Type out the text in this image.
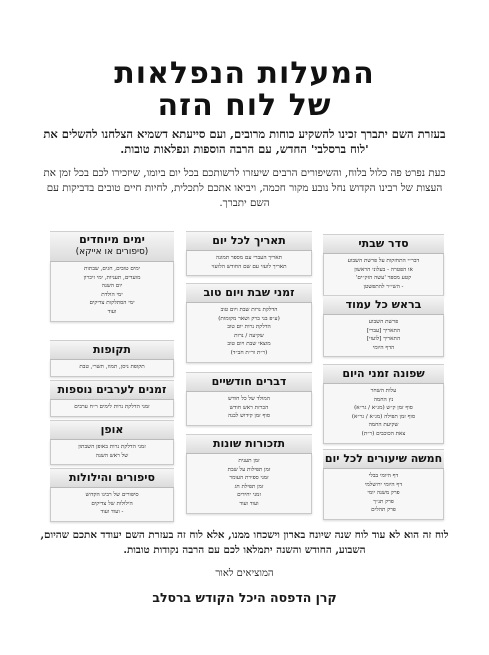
המעלות הנפלאות
של לוח הזה
בעזרת השם יתברך זכינו להשקיע כוחות מרובים, ועם סייעתא דשמיא הצלחנו להשלים את 'לוח ברסלבי' החדש, עם הרבה הוספות ונפלאות טובות.
כעת נפרט פה כלול בלוח, והשיפורים הרבים שיעזרו לרשותכם בכל יום ביומו, שיזכירו לכם בכל זמן את העצות של רבינו הקדוש נחל נובע מקור חכמה, ויביאו אתכם לתכלית, לחיות חיים טובים בדביקות עם השם יתברך.
סדר שבתי
דבר״י התחזקות על פרשת השבוע
או הפטרה - בעלוני הראשון
קטע מספר 'עשה הזק״ים'
- השי״ר להתפשטן
בראש כל עמוד
פרשת השבוע
התאריך [עברי]
התאריך [לועזי]
הדף היומי
שפונה זמני היום
עלות השחר
נץ החמה
סוף זמן ק״ש (מג״א / גר״א)
סוף זמן תפילה (מג״א / גר״א)
שקיעת החמה
צאת הכוכבים (ר״ת)
חמשה שיעורים לכל יום
דף היומי בבלי
דף היומי ירושלמי
פרק משנה יומי
פרק תנ״ך
פרק תהלים
תאריך לכל יום
תאריך העברי עם מספר תמונה
תאריך לועזי עם שם החודש הלועזי
זמני שבת ויום טוב
הדלקת נרות שבת ויום טוב
(ע״פ בני ברק ושאר מקומות)
הדלקת נרות יום טוב
שקיעה / נרות
מוצאי שבת ויום טוב
(ר״ת ור״ת חב״ד)
דברים חודשיים
המולד של כל חודש
הכרזת ראש חודש
סוף זמן קידוש לבנה
תזכורות שונות
זמן תענית
זמן תפילות על שבת
זמני ספירת העומר
זמן תפילת חג
זמני יחידים
ועוד ועוד
ימים מיוחדים
(סיפורים או אייקא)
ימים טובים, חגים, שבתות
מועדים, תעניות, ימי זיכרון
יום השנה
ימי הולדת
ימי הסתלקות צדיקים
ועוד
תקופות
תקופת ניסן, תמוז, תשרי, טבת
זמנים לערבים נוספות
זמני הדלקת נרות לימים ר״ח ערבים
אופן
זמני הדלקת נרות באופן השבתון
של ראש השנה
סיפורים והילולות
סיפורים של רבינו הקדוש
הילולות של צדיקים
- ועוד ועוד
לוח זה הוא לא עוד לוח שנה שיונח בארון וישכחו ממנו, אלא לוח זה בעזרת השם יעודד אתכם שהיום, השבוע, החודש והשנה יתמלאו לכם עם הרבה נקודות טובות.
המוציאים לאור
קרן הדפסה היכל הקודש ברסלב
